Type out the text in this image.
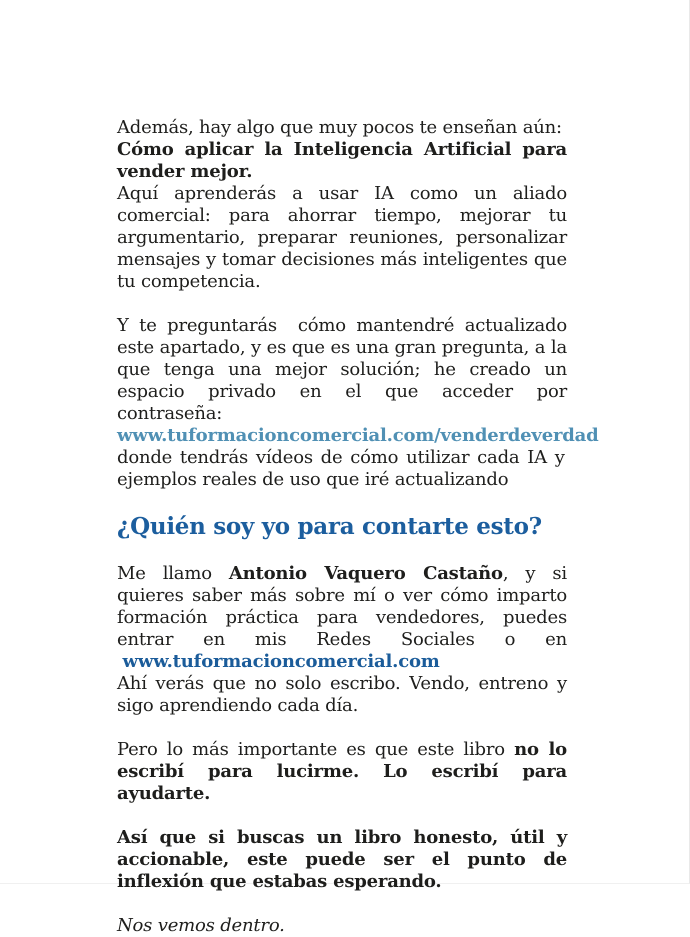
Además, hay algo que muy pocos te enseñan aún:
Cómo aplicar la Inteligencia Artificial para vender mejor.
Aquí aprenderás a usar IA como un aliado comercial: para ahorrar tiempo, mejorar tu argumentario, preparar reuniones, personalizar mensajes y tomar decisiones más inteligentes que tu competencia.

Y te preguntarás  cómo mantendré actualizado este apartado, y es que es una gran pregunta, a la que tenga una mejor solución; he creado un espacio privado en el que acceder por contraseña: www.tuformacioncomercial.com/venderdeverdad donde tendrás vídeos de cómo utilizar cada IA y ejemplos reales de uso que iré actualizando

¿Quién soy yo para contarte esto?

Me llamo Antonio Vaquero Castaño, y si quieres saber más sobre mí o ver cómo imparto formación práctica para vendedores, puedes entrar en mis Redes Sociales o en  www.tuformacioncomercial.com
Ahí verás que no solo escribo. Vendo, entreno y sigo aprendiendo cada día.

Pero lo más importante es que este libro no lo escribí para lucirme. Lo escribí para ayudarte.

Así que si buscas un libro honesto, útil y accionable, este puede ser el punto de inflexión que estabas esperando.

Nos vemos dentro.
